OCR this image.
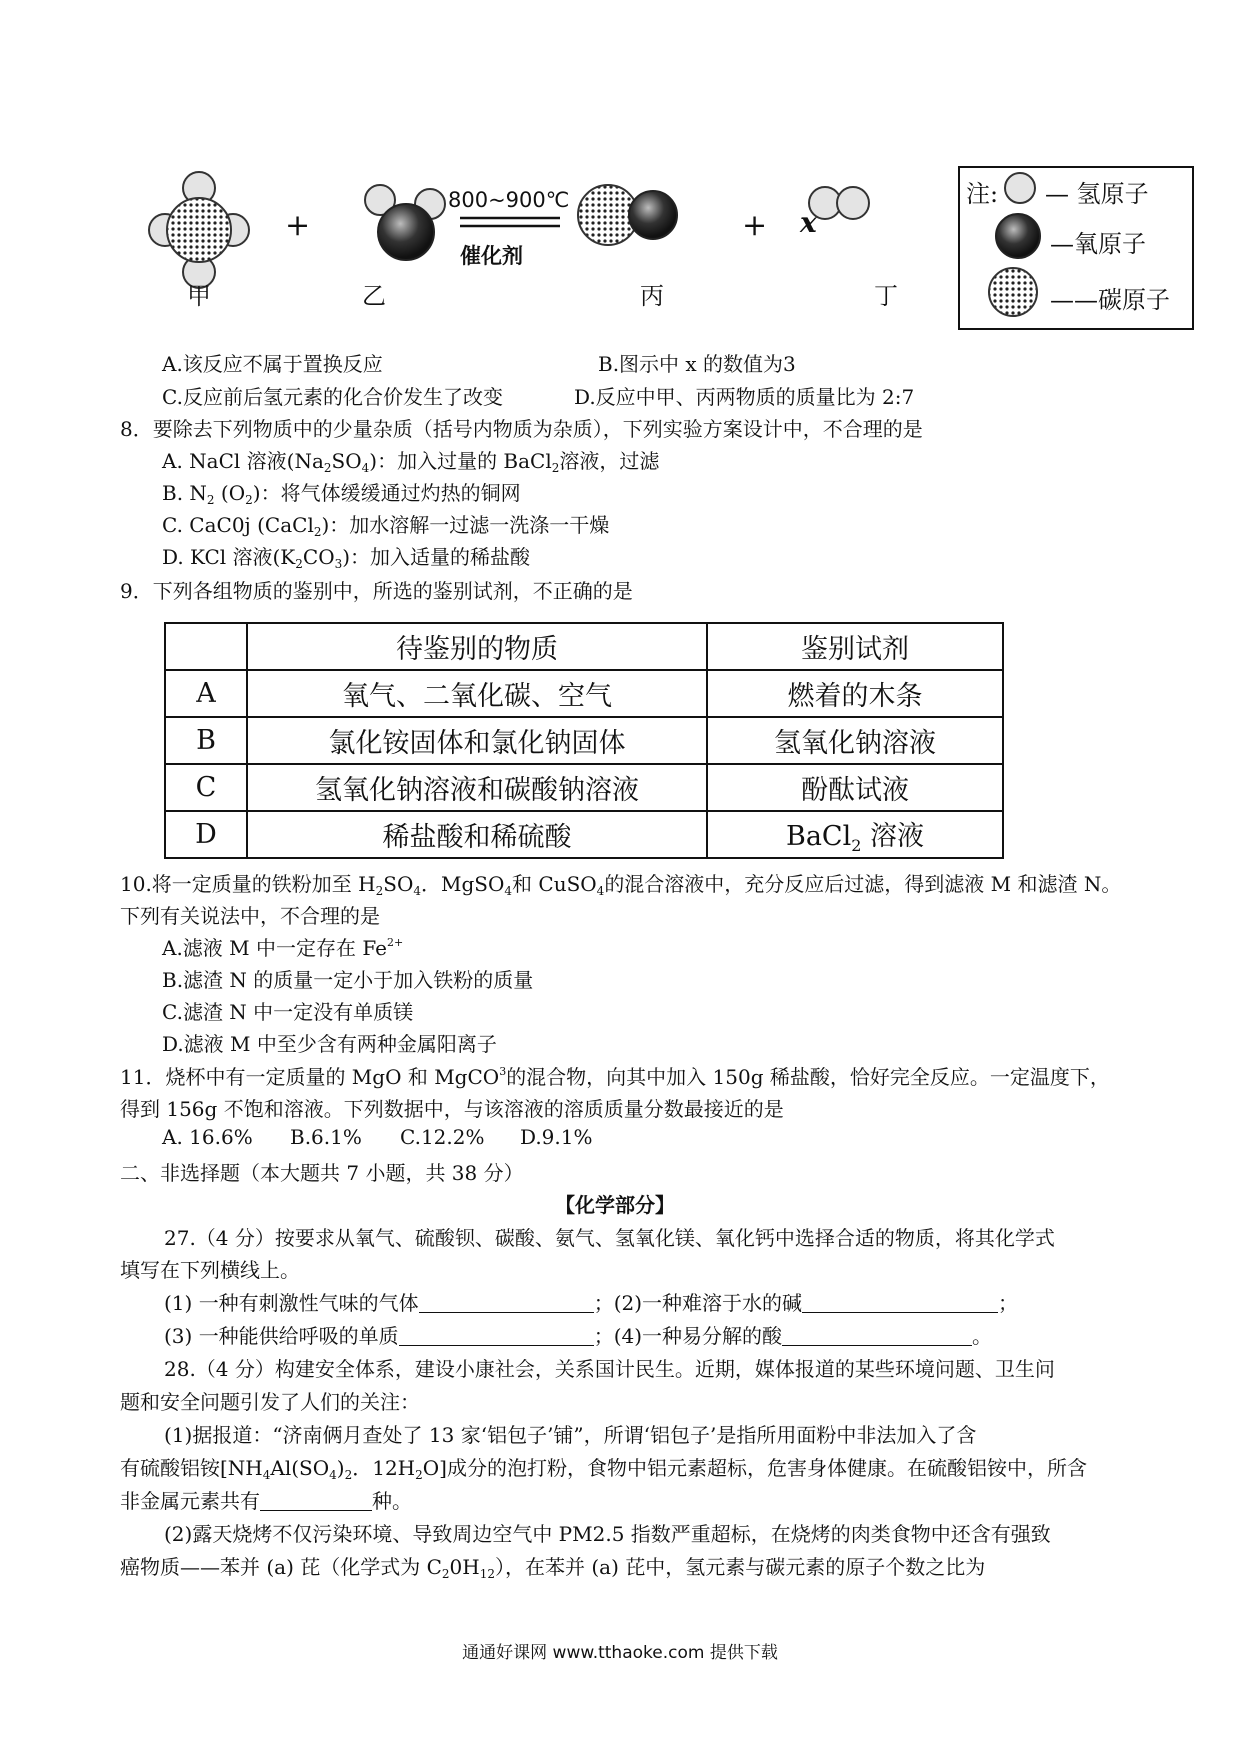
+
800~900℃
催化剂
+ x
甲	乙	丙	丁
注: — 氢原子
—氧原子
——碳原子
A.该反应不属于置换反应	B.图示中 x 的数值为3
C.反应前后氢元素的化合价发生了改变	D.反应中甲、丙两物质的质量比为 2:7
8．要除去下列物质中的少量杂质（括号内物质为杂质），下列实验方案设计中，不合理的是
A. NaCl 溶液$(Na_2SO_4)$：加入过量的 BaCl$_2$溶液，过滤
B. $N_2$ $(O_2)$：将气体缓缓通过灼热的铜网
C. CaC0j (CaCl$_2$)：加水溶解一过滤一洗涤一干燥
D. KCl 溶液$(K_2CO_3)$：加入适量的稀盐酸
9．下列各组物质的鉴别中，所选的鉴别试剂，不正确的是
	待鉴别的物质	鉴别试剂
A	氧气、二氧化碳、空气	燃着的木条
B	氯化铵固体和氯化钠固体	氢氧化钠溶液
C	氢氧化钠溶液和碳酸钠溶液	酚酞试液
D	稀盐酸和稀硫酸	BaCl$_2$ 溶液
10.将一定质量的铁粉加至 $H_2SO_4$．MgSO$_4$和 CuSO$_4$的混合溶液中，充分反应后过滤，得到滤液 M 和滤渣 N。
下列有关说法中，不合理的是
A.滤液 M 中一定存在 $Fe^{2+}$
B.滤渣 N 的质量一定小于加入铁粉的质量
C.滤渣 N 中一定没有单质镁
D.滤液 M 中至少含有两种金属阳离子
11．烧杯中有一定质量的 MgO 和 MgCO$^3$的混合物，向其中加入 150g 稀盐酸，恰好完全反应。一定温度下，
得到 156g 不饱和溶液。下列数据中，与该溶液的溶质质量分数最接近的是
A. 16.6% B.6.1% C.12.2% D.9.1%
二、非选择题（本大题共 7 小题，共 38 分）
【化学部分】
27.（4 分）按要求从氧气、硫酸钡、碳酸、氨气、氢氧化镁、氧化钙中选择合适的物质，将其化学式
填写在下列横线上。
(1) 一种有刺激性气味的气体	；(2)一种难溶于水的碱	；
(3) 一种能供给呼吸的单质	；(4)一种易分解的酸	。
28.（4 分）构建安全体系，建设小康社会，关系国计民生。近期，媒体报道的某些环境问题、卫生问
题和安全问题引发了人们的关注：
(1)据报道：“济南俩月查处了 13 家‘铝包子’铺”，所谓‘铝包子’是指所用面粉中非法加入了含
有硫酸铝铵[$NH_4Al(SO_4)_2$．$12H_2O$]成分的泡打粉，食物中铝元素超标，危害身体健康。在硫酸铝铵中，所含
非金属元素共有	种。
(2)露天烧烤不仅污染环境、导致周边空气中 PM2.5 指数严重超标，在烧烤的肉类食物中还含有强致
癌物质——苯并 (a) 芘（化学式为 $C_20H_{12}$），在苯并 (a) 芘中，氢元素与碳元素的原子个数之比为
通通好课网 www.tthaoke.com 提供下载
